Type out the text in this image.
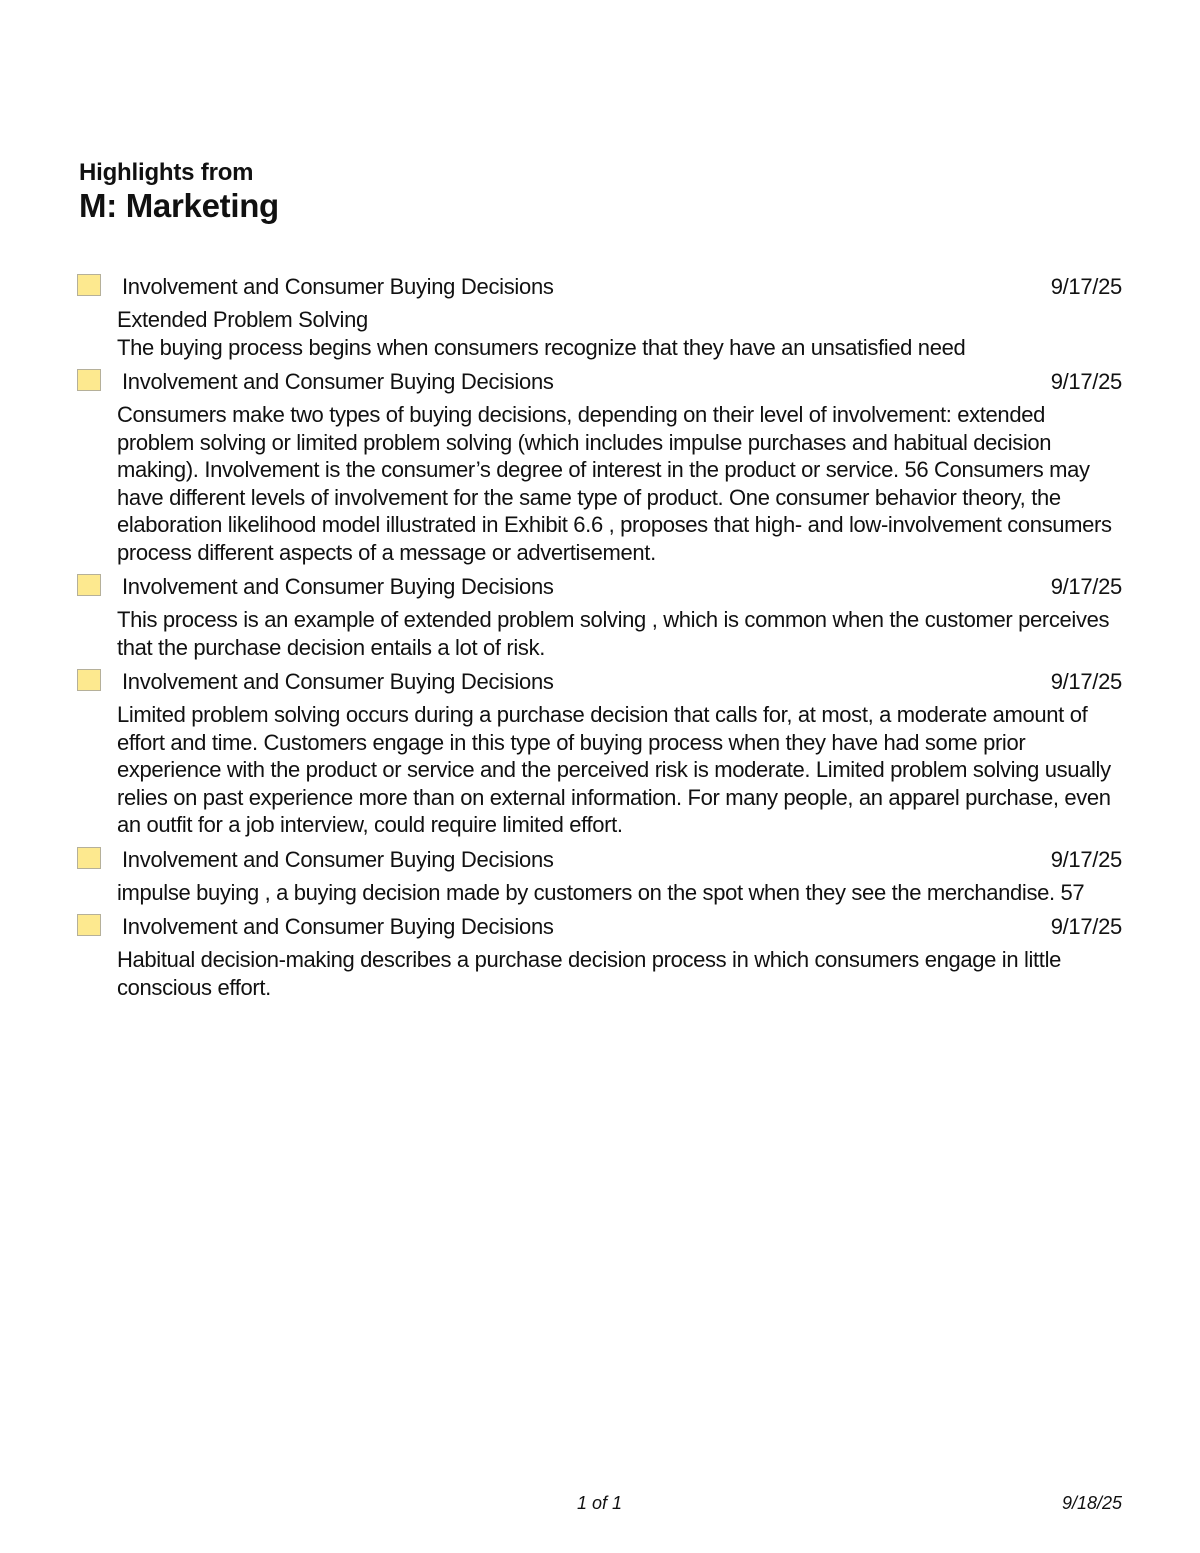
Highlights from
M: Marketing
Involvement and Consumer Buying Decisions	9/17/25

Extended Problem Solving

The buying process begins when consumers recognize that they have an unsatisfied need

Involvement and Consumer Buying Decisions	9/17/25

Consumers make two types of buying decisions, depending on their level of involvement: extended problem solving or limited problem solving (which includes impulse purchases and habitual decision making). Involvement is the consumer’s degree of interest in the product or service. 56 Consumers may have different levels of involvement for the same type of product. One consumer behavior theory, the elaboration likelihood model illustrated in Exhibit 6.6 , proposes that high- and low-involvement consumers process different aspects of a message or advertisement.

Involvement and Consumer Buying Decisions	9/17/25

This process is an example of extended problem solving , which is common when the customer perceives that the purchase decision entails a lot of risk.

Involvement and Consumer Buying Decisions	9/17/25

Limited problem solving occurs during a purchase decision that calls for, at most, a moderate amount of effort and time. Customers engage in this type of buying process when they have had some prior experience with the product or service and the perceived risk is moderate. Limited problem solving usually relies on past experience more than on external information. For many people, an apparel purchase, even an outfit for a job interview, could require limited effort.

Involvement and Consumer Buying Decisions	9/17/25

impulse buying , a buying decision made by customers on the spot when they see the merchandise. 57

Involvement and Consumer Buying Decisions	9/17/25

Habitual decision-making describes a purchase decision process in which consumers engage in little conscious effort.

1 of 1	9/18/25
